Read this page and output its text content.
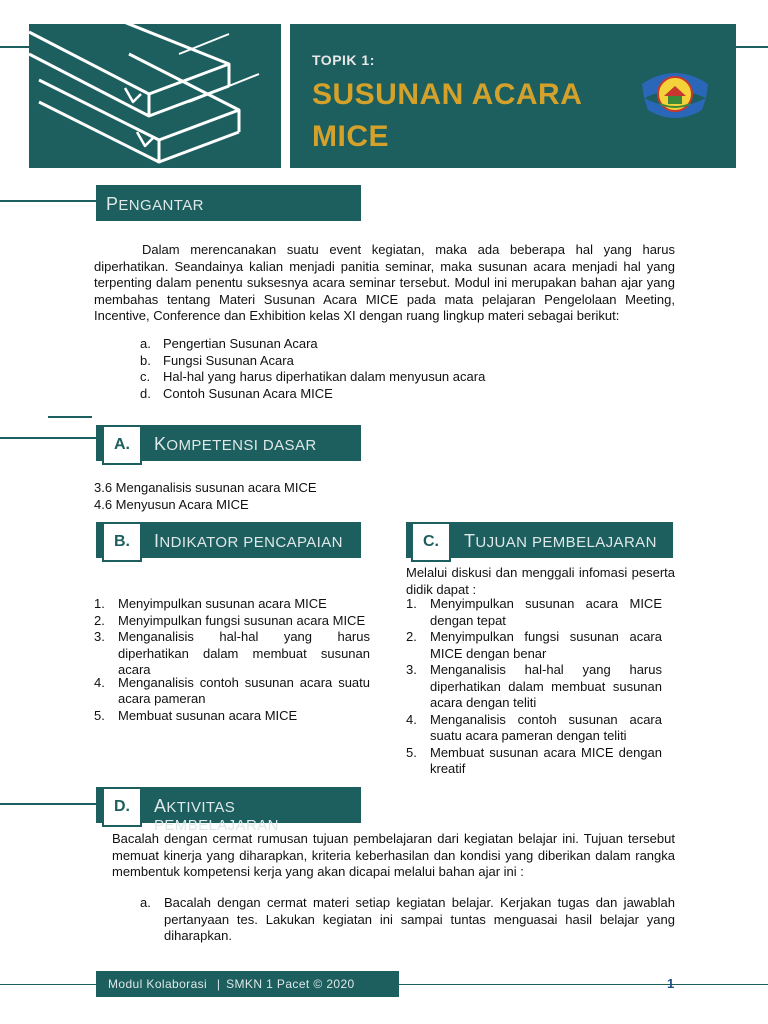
TOPIK 1:
SUSUNAN ACARA
MICE
PENGANTAR
Dalam merencanakan suatu event kegiatan, maka ada beberapa hal yang harus diperhatikan. Seandainya kalian menjadi panitia seminar, maka susunan acara menjadi hal yang terpenting dalam penentu suksesnya acara seminar tersebut. Modul ini merupakan bahan ajar yang membahas tentang Materi Susunan Acara MICE pada mata pelajaran Pengelolaan Meeting, Incentive, Conference dan Exhibition kelas XI dengan ruang lingkup materi sebagai berikut:
a. Pengertian Susunan Acara
b. Fungsi Susunan Acara
c. Hal-hal yang harus diperhatikan dalam menyusun acara
d. Contoh Susunan Acara MICE
KOMPETENSI DASAR
A.
3.6 Menganalisis susunan acara MICE
4.6 Menyusun Acara MICE
INDIKATOR PENCAPAIAN
B.
1. Menyimpulkan susunan acara MICE
2. Menyimpulkan fungsi susunan acara MICE
3. Menganalisis hal-hal yang harus diperhatikan dalam membuat susunan acara
4. Menganalisis contoh susunan acara suatu acara pameran
5. Membuat susunan acara MICE
TUJUAN PEMBELAJARAN
C.
Melalui diskusi dan menggali infomasi peserta didik dapat :
1. Menyimpulkan susunan acara MICE dengan tepat
2. Menyimpulkan fungsi susunan acara MICE dengan benar
3. Menganalisis hal-hal yang harus diperhatikan dalam membuat susunan acara dengan teliti
4. Menganalisis contoh susunan acara suatu acara pameran dengan teliti
5. Membuat susunan acara MICE dengan kreatif
AKTIVITAS PEMBELAJARAN
D.
Bacalah dengan cermat rumusan tujuan pembelajaran dari kegiatan belajar ini. Tujuan tersebut memuat kinerja yang diharapkan, kriteria keberhasilan dan kondisi yang diberikan dalam rangka membentuk kompetensi kerja yang akan dicapai melalui bahan ajar ini :
a. Bacalah dengan cermat materi setiap kegiatan belajar. Kerjakan tugas dan jawablah pertanyaan tes. Lakukan kegiatan ini sampai tuntas menguasai hasil belajar yang diharapkan.
Modul Kolaborasi | SMKN 1 Pacet © 2020	1
